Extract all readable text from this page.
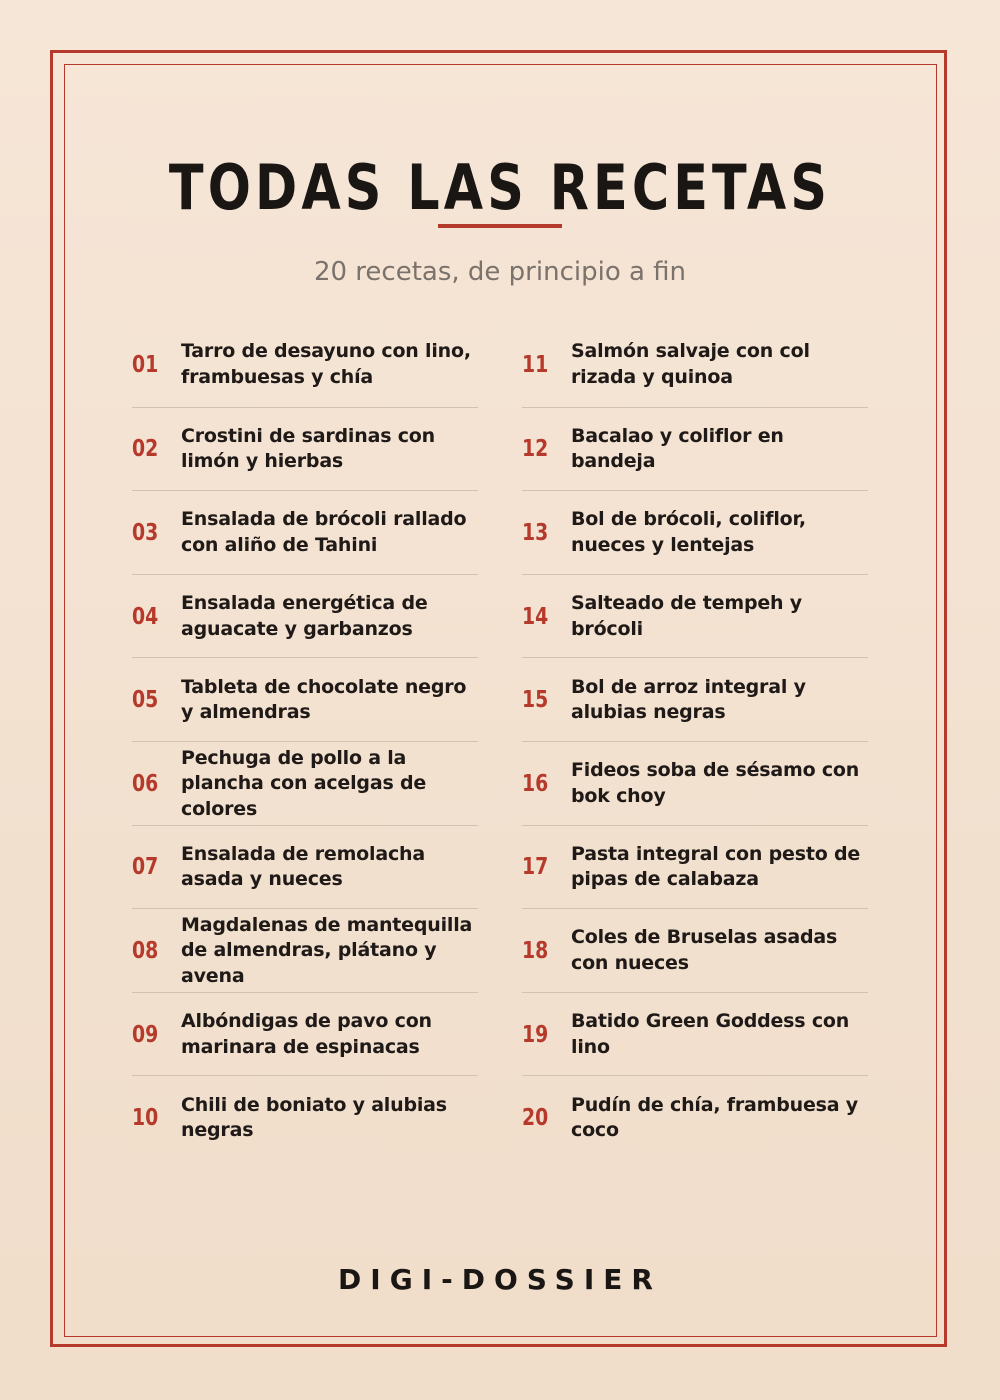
TODAS LAS RECETAS
20 recetas, de principio a fin
01
Tarro de desayuno con lino, frambuesas y chía
02
Crostini de sardinas con limón y hierbas
03
Ensalada de brócoli rallado con aliño de Tahini
04
Ensalada energética de aguacate y garbanzos
05
Tableta de chocolate negro y almendras
06
Pechuga de pollo a la plancha con acelgas de colores
07
Ensalada de remolacha asada y nueces
08
Magdalenas de mantequilla de almendras, plátano y avena
09
Albóndigas de pavo con marinara de espinacas
10
Chili de boniato y alubias negras
11
Salmón salvaje con col rizada y quinoa
12
Bacalao y coliflor en bandeja
13
Bol de brócoli, coliflor, nueces y lentejas
14
Salteado de tempeh y brócoli
15
Bol de arroz integral y alubias negras
16
Fideos soba de sésamo con bok choy
17
Pasta integral con pesto de pipas de calabaza
18
Coles de Bruselas asadas con nueces
19
Batido Green Goddess con lino
20
Pudín de chía, frambuesa y coco
DIGI-DOSSIER
